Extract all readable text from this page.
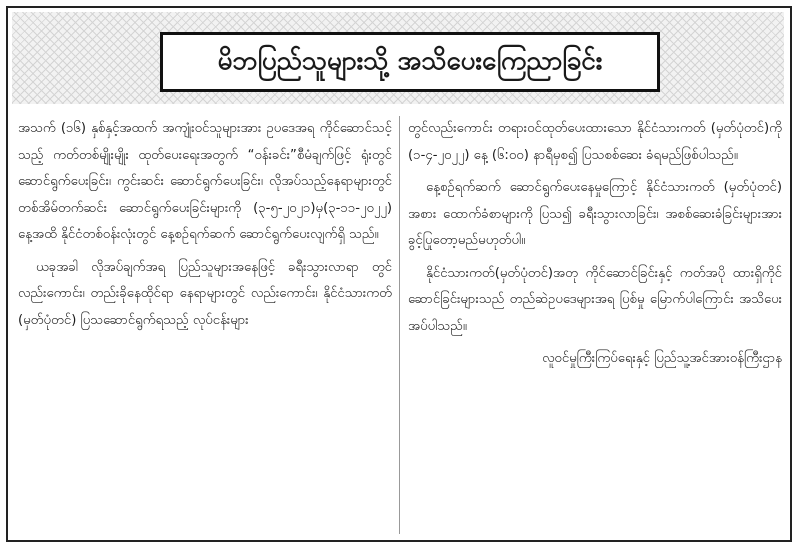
မိဘပြည်သူများသို့ အသိပေးကြေညာခြင်း

အသက် (၁၆) နှစ်နှင့်အထက် အကျုံးဝင်သူများအား ဥပဒေအရ ကိုင်ဆောင်သင့်သည့် ကတ်တစ်မျိုးမျိုး ထုတ်ပေးရေးအတွက် “ဝန်းခင်း”စီမံချက်ဖြင့် ရုံးတွင်ဆောင်ရွက်ပေးခြင်း၊ ကွင်းဆင်း ဆောင်ရွက်ပေးခြင်း၊ လိုအပ်သည့်နေရာများတွင် တစ်အိမ်တက်ဆင်း ဆောင်ရွက်ပေးခြင်းများကို (၃-၅-၂၀၂၁)မှ(၃-၁၁-၂၀၂၂) နေ့အထိ နိုင်ငံတစ်ဝန်းလုံးတွင် နေ့စဉ်ရက်ဆက် ဆောင်ရွက်ပေးလျက်ရှိ သည်။

ယခုအခါ လိုအပ်ချက်အရ ပြည်သူများအနေဖြင့် ခရီးသွားလာရာ တွင်လည်းကောင်း၊ တည်းခိုနေထိုင်ရာ နေရာများတွင် လည်းကောင်း၊ နိုင်ငံသားကတ် (မှတ်ပုံတင်) ပြသဆောင်ရွက်ရသည့် လုပ်ငန်းများ

တွင်လည်းကောင်း တရားဝင်ထုတ်ပေးထားသော နိုင်ငံသားကတ် (မှတ်ပုံတင်)ကို (၁-၄-၂၀၂၂) နေ့ (၆:၀၀) နာရီမှစ၍ ပြသစစ်ဆေး ခံရမည်ဖြစ်ပါသည်။

နေ့စဉ်ရက်ဆက် ဆောင်ရွက်ပေးနေမှုကြောင့် နိုင်ငံသားကတ် (မှတ်ပုံတင်) အစား ထောက်ခံစာများကို ပြသ၍ ခရီးသွားလာခြင်း၊ အစစ်ဆေးခံခြင်းများအား ခွင့်ပြုတော့မည်မဟုတ်ပါ။

နိုင်ငံသားကတ်(မှတ်ပုံတင်)အတု ကိုင်ဆောင်ခြင်းနှင့် ကတ်အပို ထားရှိကိုင်ဆောင်ခြင်းများသည် တည်ဆဲဥပဒေများအရ ပြစ်မှု မြောက်ပါကြောင်း အသိပေးအပ်ပါသည်။

လူဝင်မှုကြီးကြပ်ရေးနှင့် ပြည်သူ့အင်အားဝန်ကြီးဌာန
